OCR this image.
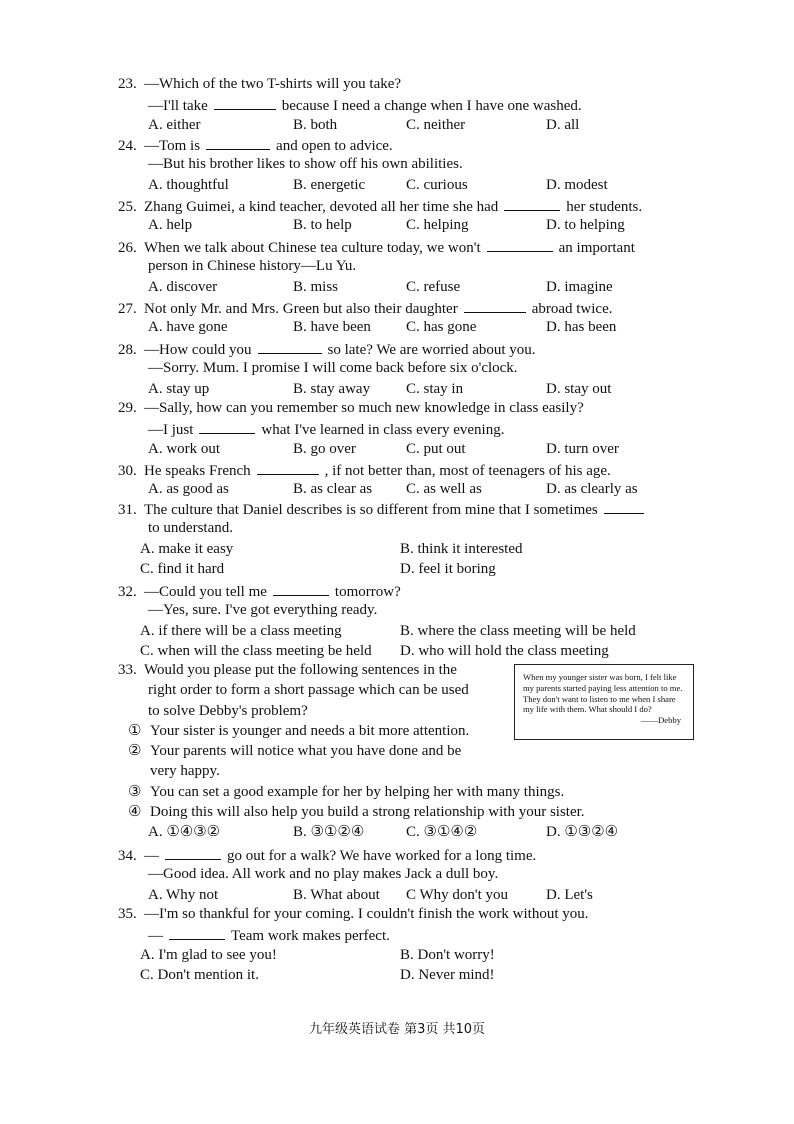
23. —Which of the two T-shirts will you take?
—I'll take	because I need a change when I have one washed.
A. either	B. both	C. neither	D. all
24. —Tom is	and open to advice.
—But his brother likes to show off his own abilities.
A. thoughtful	B. energetic	C. curious	D. modest
25. Zhang Guimei, a kind teacher, devoted all her time she had	her students.
A. help	B. to help	C. helping	D. to helping
26. When we talk about Chinese tea culture today, we won't	an important
person in Chinese history—Lu Yu.
A. discover	B. miss	C. refuse	D. imagine
27. Not only Mr. and Mrs. Green but also their daughter	abroad twice.
A. have gone	B. have been	C. has gone	D. has been
28. —How could you	so late? We are worried about you.
—Sorry. Mum. I promise I will come back before six o'clock.
A. stay up	B. stay away	C. stay in	D. stay out
29. —Sally, how can you remember so much new knowledge in class easily?
—I just	what I've learned in class every evening.
A. work out	B. go over	C. put out	D. turn over
30. He speaks French	, if not better than, most of teenagers of his age.
A. as good as	B. as clear as	C. as well as	D. as clearly as
31. The culture that Daniel describes is so different from mine that I sometimes
to understand.
A. make it easy	B. think it interested
C. find it hard	D. feel it boring
32. —Could you tell me	tomorrow?
—Yes, sure. I've got everything ready.
A. if there will be a class meeting	B. where the class meeting will be held
C. when will the class meeting be held	D. who will hold the class meeting
33. Would you please put the following sentences in the
right order to form a short passage which can be used
to solve Debby's problem?
① Your sister is younger and needs a bit more attention.
② Your parents will notice what you have done and be
very happy.
③ You can set a good example for her by helping her with many things.
④ Doing this will also help you build a strong relationship with your sister.
A. ①④③②	B. ③①②④	C. ③①④②	D. ①③②④
34. —	go out for a walk? We have worked for a long time.
—Good idea. All work and no play makes Jack a dull boy.
A. Why not	B. What about	C Why don't you	D. Let's
35. —I'm so thankful for your coming. I couldn't finish the work without you.
—	Team work makes perfect.
A. I'm glad to see you!	B. Don't worry!
C. Don't mention it.	D. Never mind!
When my younger sister was born, I felt like my parents started paying less attention to me. They don't want to listen to me when I share my life with them. What should I do?
——Debby
九年级英语试卷 第3页 共10页
